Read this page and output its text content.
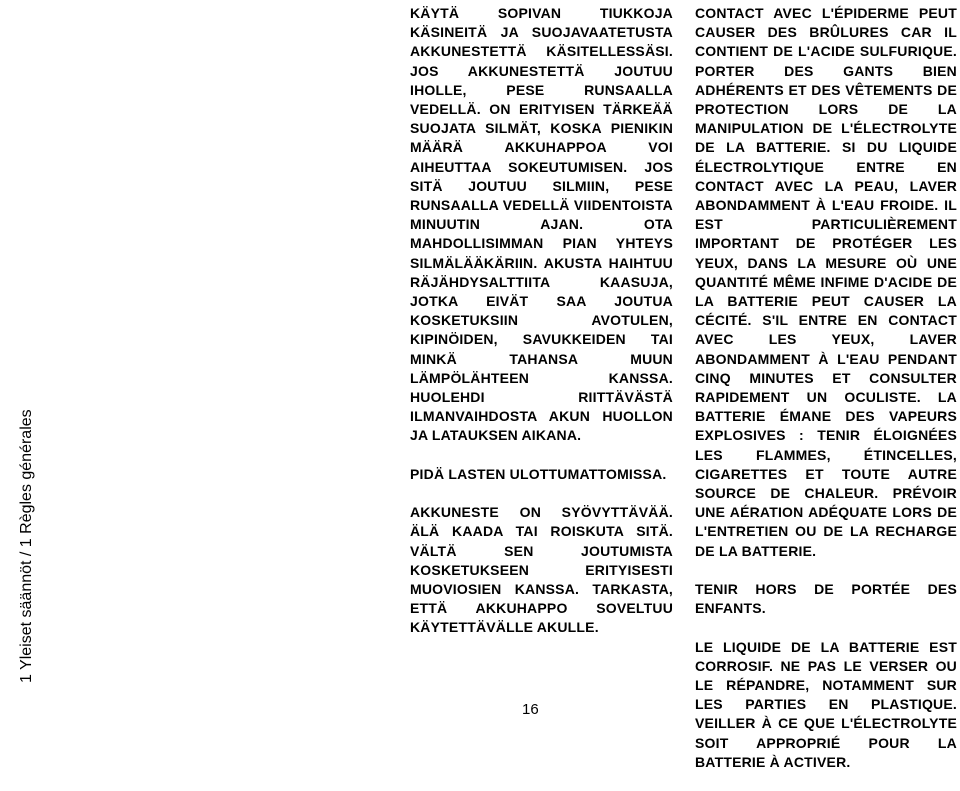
1 Yleiset säännöt / 1 Règles générales

KÄYTÄ SOPIVAN TIUKKOJA KÄSINEITÄ JA SUOJAVAATETUSTA AKKUNESTETTÄ KÄSITELLESSÄSI. JOS AKKUNESTETTÄ JOUTUU IHOLLE, PESE RUNSAALLA VEDELLÄ. ON ERITYISEN TÄRKEÄÄ SUOJATA SILMÄT, KOSKA PIENIKIN MÄÄRÄ AKKUHAPPOA VOI AIHEUTTAA SOKEUTUMISEN. JOS SITÄ JOUTUU SILMIIN, PESE RUNSAALLA VEDELLÄ VIIDENTOISTA MINUUTIN AJAN. OTA MAHDOLLISIMMAN PIAN YHTEYS SILMÄLÄÄKÄRIIN. AKUSTA HAIHTUU RÄJÄHDYSALTTIITA KAASUJA, JOTKA EIVÄT SAA JOUTUA KOSKETUKSIIN AVOTULEN, KIPINÖIDEN, SAVUKKEIDEN TAI MINKÄ TAHANSA MUUN LÄMPÖLÄHTEEN KANSSA. HUOLEHDI RIITTÄVÄSTÄ ILMANVAIHDOSTA AKUN HUOLLON JA LATAUKSEN AIKANA.

PIDÄ LASTEN ULOTTUMATTOMISSA.

AKKUNESTE ON SYÖVYTTÄVÄÄ. ÄLÄ KAADA TAI ROISKUTA SITÄ. VÄLTÄ SEN JOUTUMISTA KOSKETUKSEEN ERITYISESTI MUOVIOSIEN KANSSA. TARKASTA, ETTÄ AKKUHAPPO SOVELTUU KÄYTETTÄVÄLLE AKULLE.

CONTACT AVEC L'ÉPIDERME PEUT CAUSER DES BRÛLURES CAR IL CONTIENT DE L'ACIDE SULFURIQUE. PORTER DES GANTS BIEN ADHÉRENTS ET DES VÊTEMENTS DE PROTECTION LORS DE LA MANIPULATION DE L'ÉLECTROLYTE DE LA BATTERIE. SI DU LIQUIDE ÉLECTROLYTIQUE ENTRE EN CONTACT AVEC LA PEAU, LAVER ABONDAMMENT À L'EAU FROIDE. IL EST PARTICULIÈREMENT IMPORTANT DE PROTÉGER LES YEUX, DANS LA MESURE OÙ UNE QUANTITÉ MÊME INFIME D'ACIDE DE LA BATTERIE PEUT CAUSER LA CÉCITÉ. S'IL ENTRE EN CONTACT AVEC LES YEUX, LAVER ABONDAMMENT À L'EAU PENDANT CINQ MINUTES ET CONSULTER RAPIDEMENT UN OCULISTE. LA BATTERIE ÉMANE DES VAPEURS EXPLOSIVES : TENIR ÉLOIGNÉES LES FLAMMES, ÉTINCELLES, CIGARETTES ET TOUTE AUTRE SOURCE DE CHALEUR. PRÉVOIR UNE AÉRATION ADÉQUATE LORS DE L'ENTRETIEN OU DE LA RECHARGE DE LA BATTERIE.

TENIR HORS DE PORTÉE DES ENFANTS.

LE LIQUIDE DE LA BATTERIE EST CORROSIF. NE PAS LE VERSER OU LE RÉPANDRE, NOTAMMENT SUR LES PARTIES EN PLASTIQUE. VEILLER À CE QUE L'ÉLECTROLYTE SOIT APPROPRIÉ POUR LA BATTERIE À ACTIVER.

16
